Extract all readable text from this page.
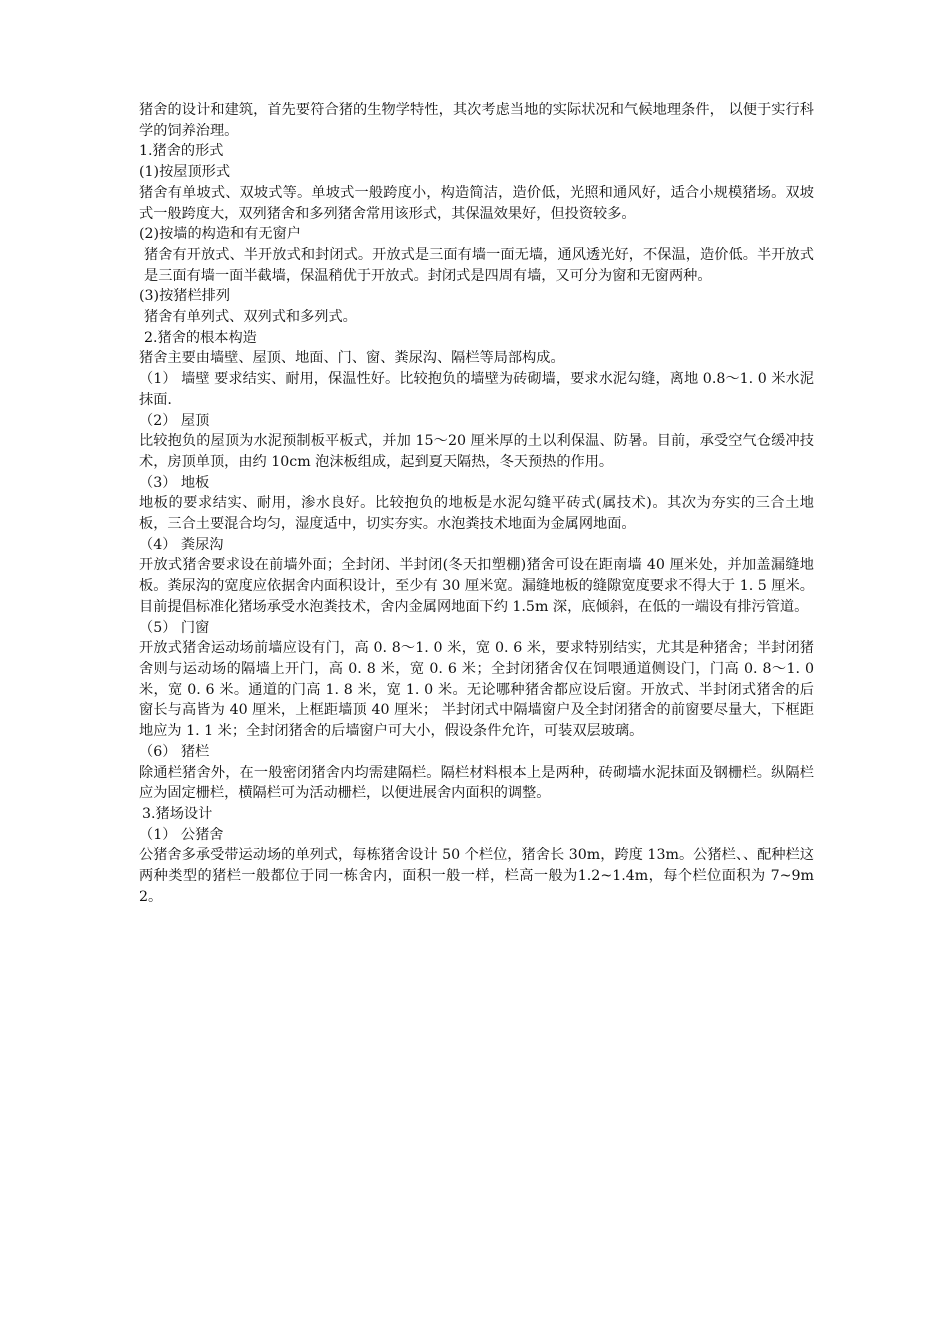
猪舍的设计和建筑，首先要符合猪的生物学特性，其次考虑当地的实际状况和气候地理条件， 以便于实行科学的饲养治理。

1.猪舍的形式

(1)按屋顶形式

猪舍有单坡式、双坡式等。单坡式一般跨度小，构造简洁，造价低，光照和通风好，适合小规模猪场。双坡式一般跨度大，双列猪舍和多列猪舍常用该形式，其保温效果好，但投资较多。

(2)按墙的构造和有无窗户

猪舍有开放式、半开放式和封闭式。开放式是三面有墙一面无墙，通风透光好，不保温，造价低。半开放式是三面有墙一面半截墙，保温稍优于开放式。封闭式是四周有墙，又可分为窗和无窗两种。

(3)按猪栏排列

猪舍有单列式、双列式和多列式。

2.猪舍的根本构造

猪舍主要由墙壁、屋顶、地面、门、窗、粪尿沟、隔栏等局部构成。

（1） 墙壁 要求结实、耐用，保温性好。比较抱负的墙壁为砖砌墙，要求水泥勾缝，离地 0.8～1. 0 米水泥抹面.

（2） 屋顶

比较抱负的屋顶为水泥预制板平板式，并加 15～20 厘米厚的土以利保温、防暑。目前，承受空气仓缓冲技术，房顶单顶，由约 10cm 泡沫板组成，起到夏天隔热，冬天预热的作用。

（3） 地板

地板的要求结实、耐用，渗水良好。比较抱负的地板是水泥勾缝平砖式(属技术)。其次为夯实的三合土地板，三合土要混合均匀，湿度适中，切实夯实。水泡粪技术地面为金属网地面。

（4） 粪尿沟

开放式猪舍要求设在前墙外面；全封闭、半封闭(冬天扣塑棚)猪舍可设在距南墙 40 厘米处，并加盖漏缝地板。粪尿沟的宽度应依据舍内面积设计，至少有 30 厘米宽。漏缝地板的缝隙宽度要求不得大于 1. 5 厘米。目前提倡标准化猪场承受水泡粪技术，舍内金属网地面下约 1.5m 深，底倾斜，在低的一端设有排污管道。

（5） 门窗

开放式猪舍运动场前墙应设有门，高 0. 8～1. 0 米，宽 0. 6 米，要求特别结实，尤其是种猪舍；半封闭猪舍则与运动场的隔墙上开门，高 0. 8 米，宽 0. 6 米；全封闭猪舍仅在饲喂通道侧设门，门高 0. 8～1. 0 米，宽 0. 6 米。通道的门高 1. 8 米，宽 1. 0 米。无论哪种猪舍都应设后窗。开放式、半封闭式猪舍的后窗长与高皆为 40 厘米，上框距墙顶 40 厘米； 半封闭式中隔墙窗户及全封闭猪舍的前窗要尽量大，下框距地应为 1. 1 米；全封闭猪舍的后墙窗户可大小，假设条件允许，可装双层玻璃。

（6） 猪栏

除通栏猪舍外，在一般密闭猪舍内均需建隔栏。隔栏材料根本上是两种，砖砌墙水泥抹面及钢栅栏。纵隔栏应为固定栅栏，横隔栏可为活动栅栏，以便进展舍内面积的调整。

3.猪场设计

（1） 公猪舍

公猪舍多承受带运动场的单列式，每栋猪舍设计 50 个栏位，猪舍长 30m，跨度 13m。公猪栏、、配种栏这两种类型的猪栏一般都位于同一栋舍内，面积一般一样，栏高一般为1.2~1.4m，每个栏位面积为 7~9m2。
